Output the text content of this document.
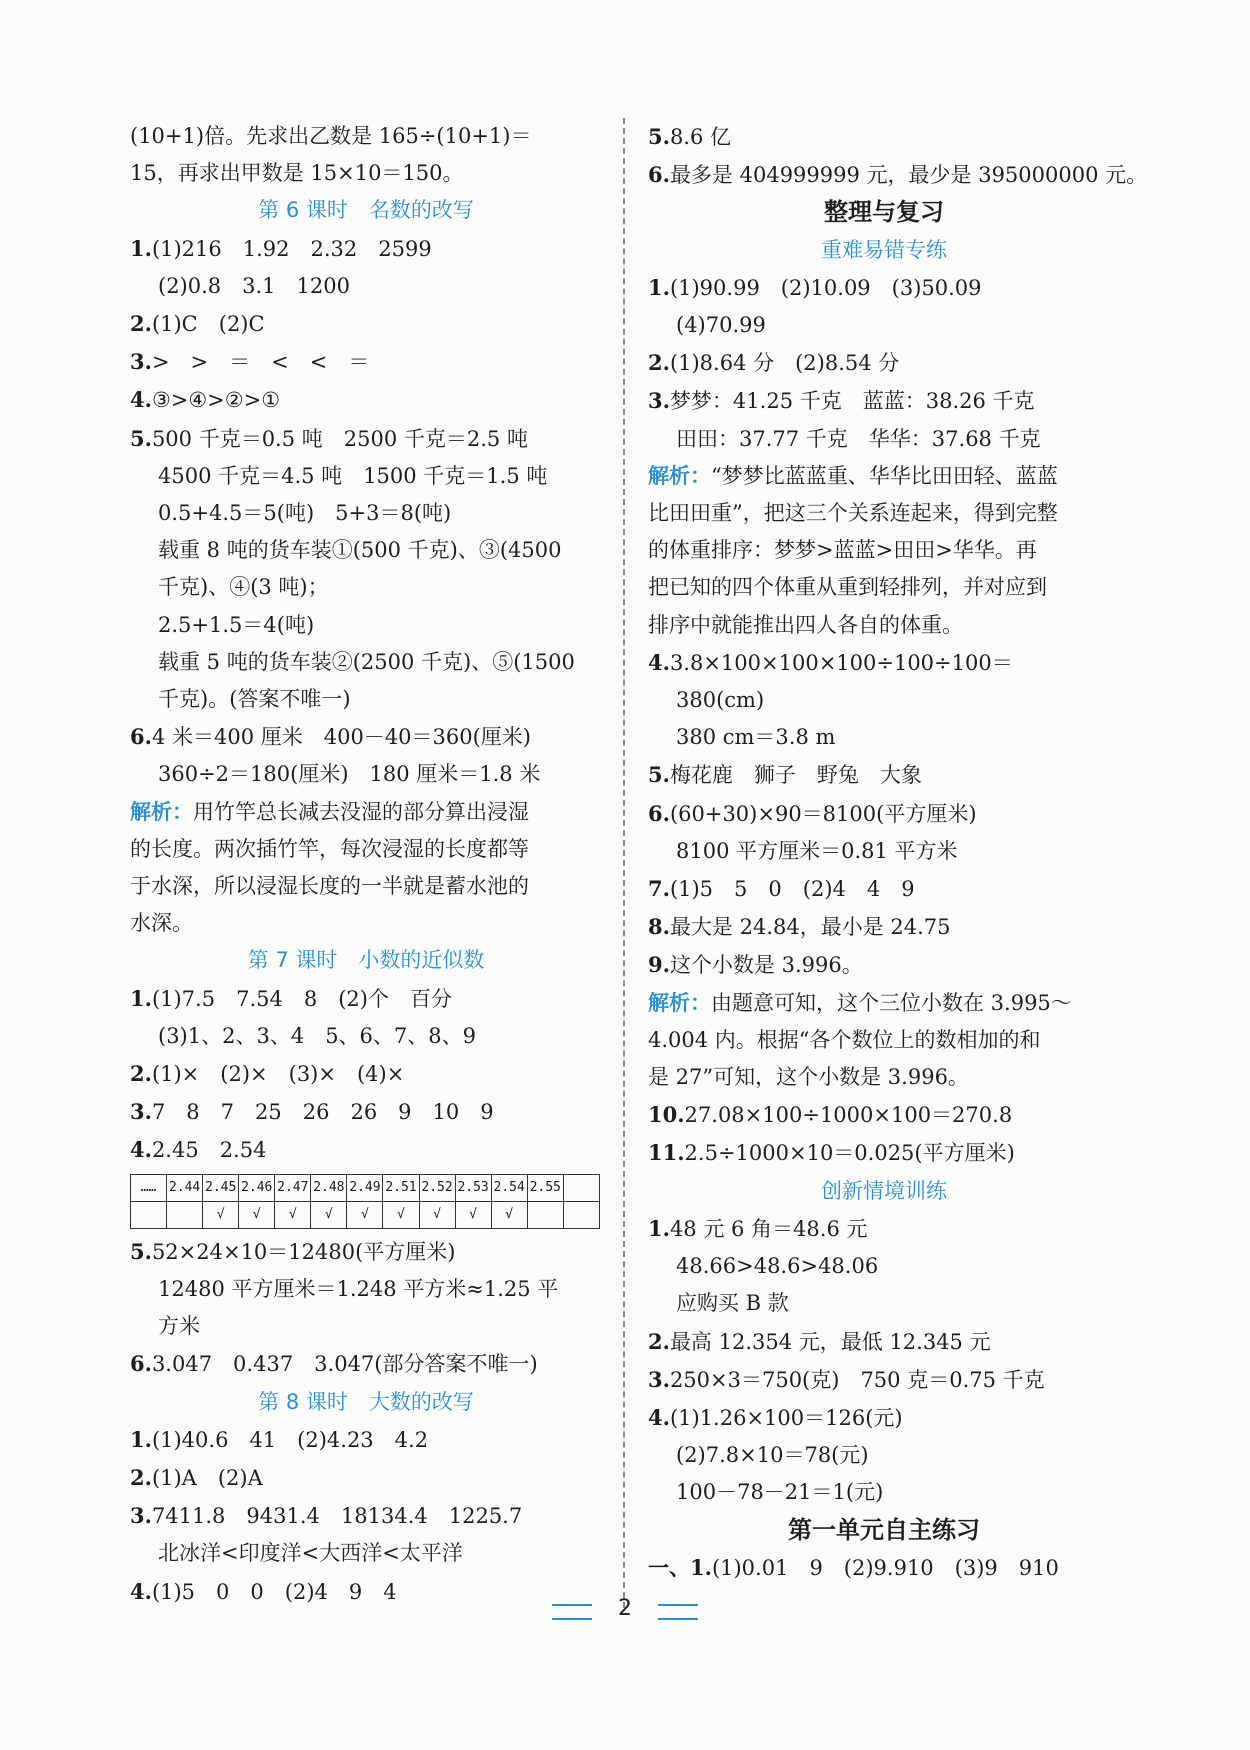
(10+1)倍。先求出乙数是 165÷(10+1)＝
15，再求出甲数是 15×10＝150。
第 6 课时　名数的改写
1.(1)216　1.92　2.32　2599
(2)0.8　3.1　1200
2.(1)C　(2)C
3.>　>　＝　<　<　＝
4.③>④>②>①
5.500 千克＝0.5 吨　2500 千克＝2.5 吨
4500 千克＝4.5 吨　1500 千克＝1.5 吨
0.5+4.5＝5(吨)　5+3＝8(吨)
载重 8 吨的货车装①(500 千克)、③(4500
千克)、④(3 吨)；
2.5+1.5＝4(吨)
载重 5 吨的货车装②(2500 千克)、⑤(1500
千克)。(答案不唯一)
6.4 米＝400 厘米　400－40＝360(厘米)
360÷2＝180(厘米)　180 厘米＝1.8 米
解析：用竹竿总长减去没湿的部分算出浸湿
的长度。两次插竹竿，每次浸湿的长度都等
于水深，所以浸湿长度的一半就是蓄水池的
水深。
第 7 课时　小数的近似数
1.(1)7.5　7.54　8　(2)个　百分
(3)1、2、3、4　5、6、7、8、9
2.(1)×　(2)×　(3)×　(4)×
3.7　8　7　25　26　26　9　10　9
4.2.45　2.54
……	2.44	2.45	2.46	2.47	2.48	2.49	2.51	2.52	2.53	2.54	2.55	
		√	√	√	√	√	√	√	√	√		
5.52×24×10＝12480(平方厘米)
12480 平方厘米＝1.248 平方米≈1.25 平
方米
6.3.047　0.437　3.047(部分答案不唯一)
第 8 课时　大数的改写
1.(1)40.6　41　(2)4.23　4.2
2.(1)A　(2)A
3.7411.8　9431.4　18134.4　1225.7
北冰洋<印度洋<大西洋<太平洋
4.(1)5　0　0　(2)4　9　4
5.8.6 亿
6.最多是 404999999 元，最少是 395000000 元。
整理与复习
重难易错专练
1.(1)90.99　(2)10.09　(3)50.09
(4)70.99
2.(1)8.64 分　(2)8.54 分
3.梦梦：41.25 千克　蓝蓝：38.26 千克
田田：37.77 千克　华华：37.68 千克
解析：“梦梦比蓝蓝重、华华比田田轻、蓝蓝
比田田重”，把这三个关系连起来，得到完整
的体重排序：梦梦>蓝蓝>田田>华华。再
把已知的四个体重从重到轻排列，并对应到
排序中就能推出四人各自的体重。
4.3.8×100×100×100÷100÷100＝
380(cm)
380 cm＝3.8 m
5.梅花鹿　狮子　野兔　大象
6.(60+30)×90＝8100(平方厘米)
8100 平方厘米＝0.81 平方米
7.(1)5　5　0　(2)4　4　9
8.最大是 24.84，最小是 24.75
9.这个小数是 3.996。
解析：由题意可知，这个三位小数在 3.995～
4.004 内。根据“各个数位上的数相加的和
是 27”可知，这个小数是 3.996。
10.27.08×100÷1000×100＝270.8
11.2.5÷1000×10＝0.025(平方厘米)
创新情境训练
1.48 元 6 角＝48.6 元
48.66>48.6>48.06
应购买 B 款
2.最高 12.354 元，最低 12.345 元
3.250×3＝750(克)　750 克＝0.75 千克
4.(1)1.26×100＝126(元)
(2)7.8×10＝78(元)
100－78－21＝1(元)
第一单元自主练习
一、1.(1)0.01　9　(2)9.910　(3)9　910
2
